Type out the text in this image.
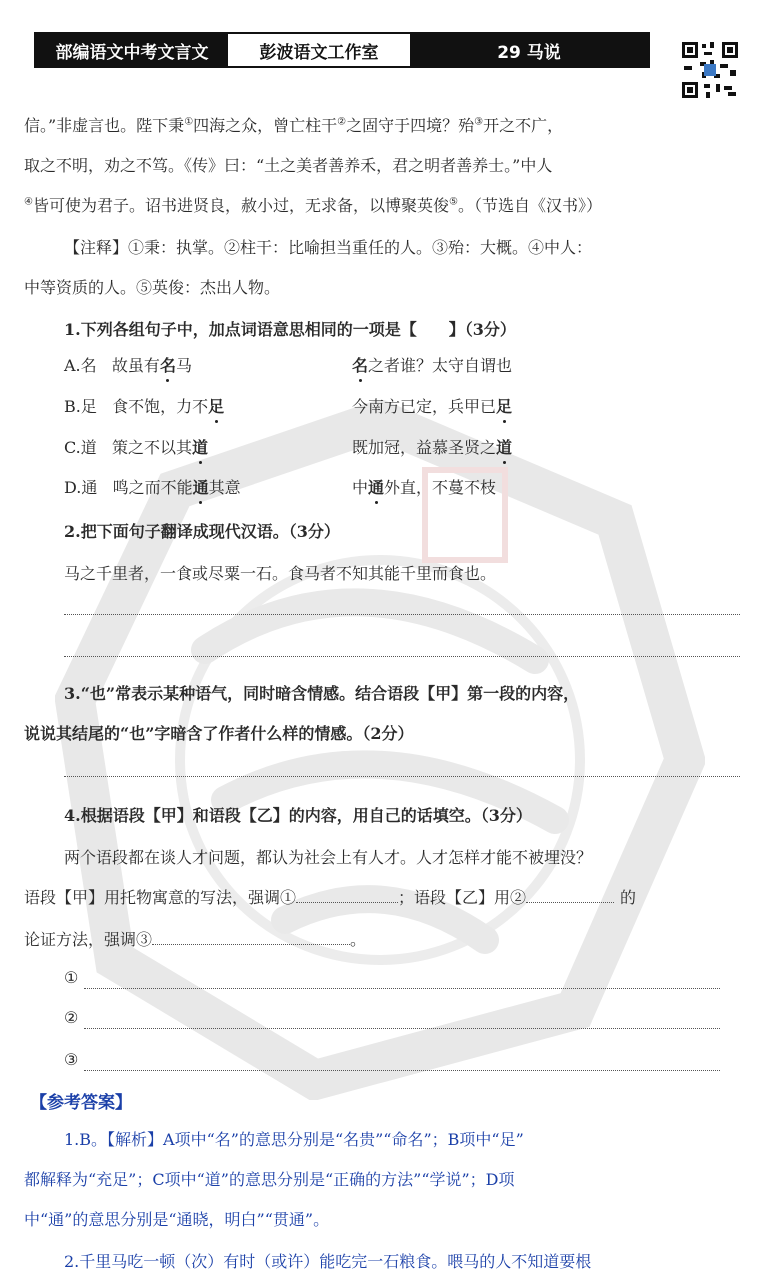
部编语文中考文言文	彭波语文工作室	29 马说
信。”非虚言也。陛下秉①四海之众，曾亡柱干②之固守于四境？殆③开之不广，
取之不明，劝之不笃。《传》曰：“土之美者善养禾，君之明者善养士。”中人
④皆可使为君子。诏书进贤良，赦小过，无求备，以博聚英俊⑤。（节选自《汉书》）
【注释】①秉：执掌。②柱干：比喻担当重任的人。③殆：大概。④中人：
中等资质的人。⑤英俊：杰出人物。
1.下列各组句子中，加点词语意思相同的一项是【　　】（3分）
A.名 故虽有名马	名之者谁？太守自谓也
B.足 食不饱，力不足	今南方已定，兵甲已足
C.道 策之不以其道	既加冠，益慕圣贤之道
D.通 鸣之而不能通其意	中通外直，不蔓不枝
2.把下面句子翻译成现代汉语。（3分）
马之千里者，一食或尽粟一石。食马者不知其能千里而食也。
3.“也”常表示某种语气，同时暗含情感。结合语段【甲】第一段的内容，
说说其结尾的“也”字暗含了作者什么样的情感。（2分）
4.根据语段【甲】和语段【乙】的内容，用自己的话填空。（3分）
两个语段都在谈人才问题，都认为社会上有人才。人才怎样才能不被埋没？
语段【甲】用托物寓意的写法，强调①	；语段【乙】用②	的
论证方法，强调③	。
①
②
③
【参考答案】
1.B。【解析】A项中“名”的意思分别是“名贵”“命名”；B项中“足”
都解释为“充足”；C项中“道”的意思分别是“正确的方法”“学说”；D项
中“通”的意思分别是“通晓，明白”“贯通”。
2.千里马吃一顿（次）有时（或许）能吃完一石粮食。喂马的人不知道要根
